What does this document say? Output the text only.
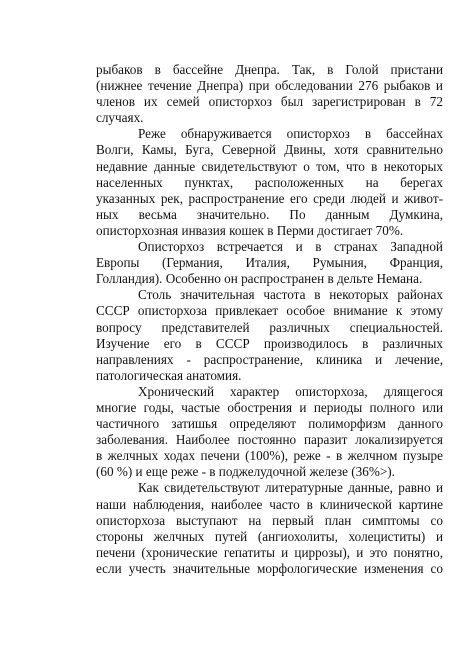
рыбаков в бассейне Днепра. Так, в Голой пристани
(нижнее течение Днепра) при обследовании 276 рыбаков и
членов их семей описторхоз был зарегистрирован в 72
случаях.

Реже обнаруживается описторхоз в бассейнах
Волги, Камы, Буга, Северной Двины, хотя сравнительно
недавние данные свидетельствуют о том, что в некоторых
населенных пунктах, расположенных на берегах
указанных рек, распространение его среди людей и живот-
ных весьма значительно. По данным Думкина,
описторхозная инвазия кошек в Перми достигает 70%.

Описторхоз встречается и в странах Западной
Европы (Германия, Италия, Румыния, Франция,
Голландия). Особенно он распространен в дельте Немана.

Столь значительная частота в некоторых районах
СССР описторхоза привлекает особое внимание к этому
вопросу представителей различных специальностей.
Изучение его в СССР производилось в различных
направлениях - распространение, клиника и лечение,
патологическая анатомия.

Хронический характер описторхоза, длящегося
многие годы, частые обострения и периоды полного или
частичного затишья определяют полиморфизм данного
заболевания. Наиболее постоянно паразит локализируется
в желчных ходах печени (100%), реже - в желчном пузыре
(60 %) и еще реже - в поджелудочной железе (36%>).

Как свидетельствуют литературные данные, равно и
наши наблюдения, наиболее часто в клинической картине
описторхоза выступают на первый план симптомы со
стороны желчных путей (ангиохолиты, холециститы) и
печени (хронические гепатиты и циррозы), и это понятно,
если учесть значительные морфологические изменения со
